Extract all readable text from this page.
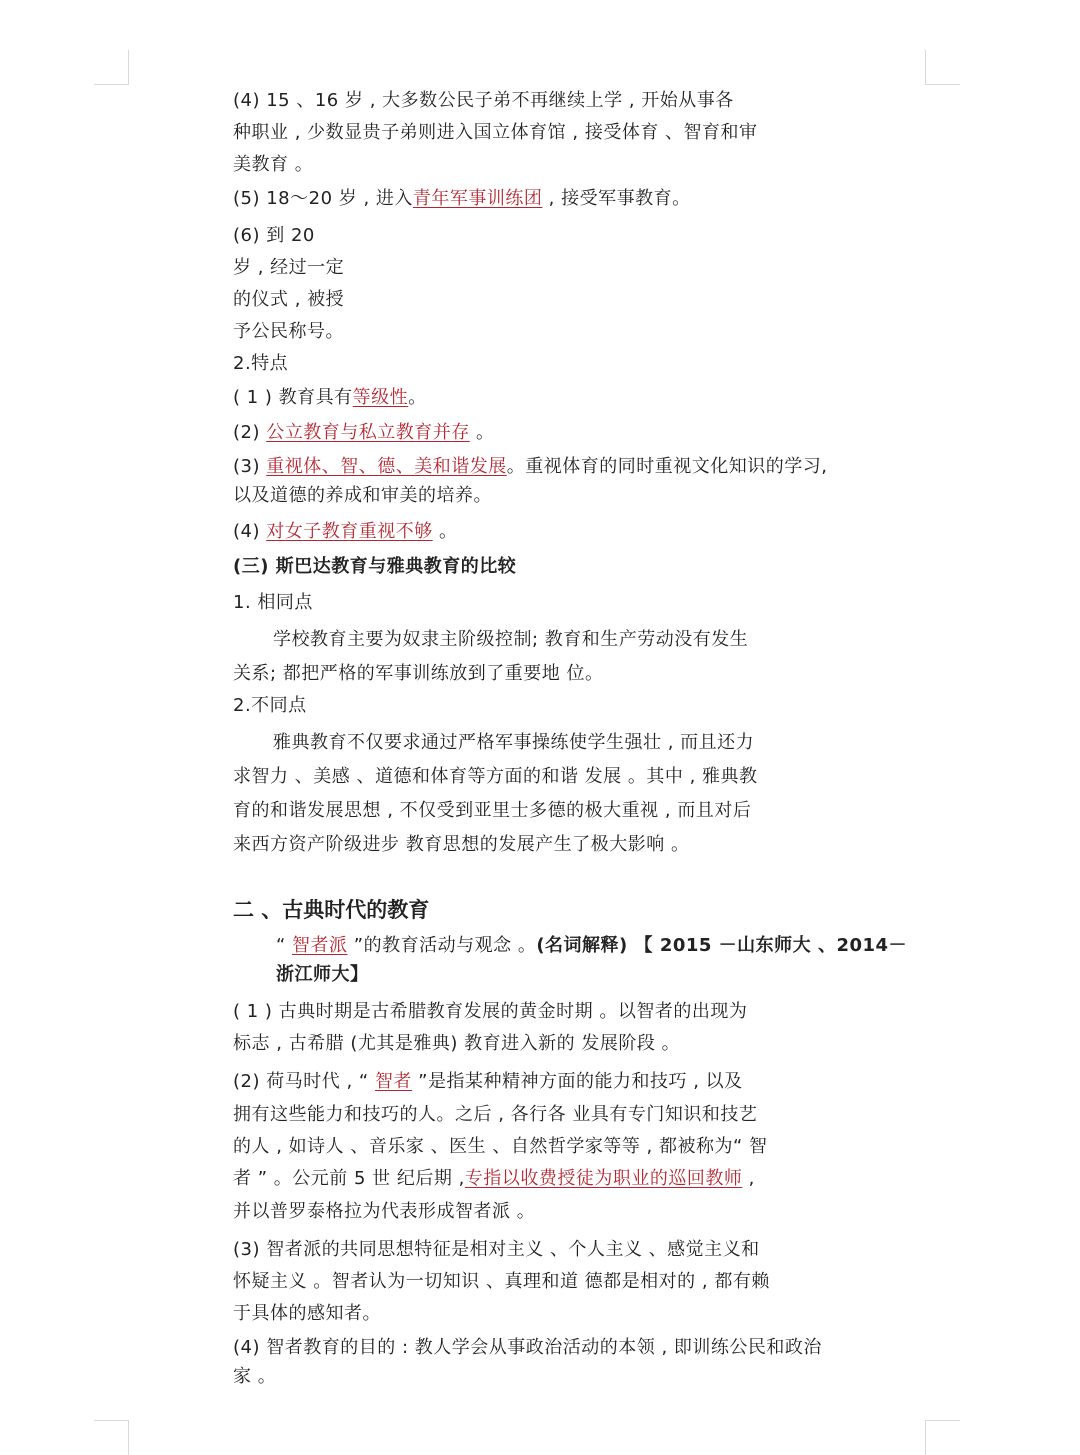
(4) 15 、16 岁 , 大多数公民子弟不再继续上学 , 开始从事各
种职业 , 少数显贵子弟则进入国立体育馆 , 接受体育 、智育和审
美教育 。
(5) 18～20 岁 , 进入青年军事训练团 , 接受军事教育。
(6) 到 20
岁 , 经过一定
的仪式 , 被授
予公民称号。
2.特点
( 1 ) 教育具有等级性。
(2) 公立教育与私立教育并存 。
(3) 重视体、智、德、美和谐发展。重视体育的同时重视文化知识的学习,
以及道德的养成和审美的培养。
(4) 对女子教育重视不够 。
(三) 斯巴达教育与雅典教育的比较
1. 相同点
学校教育主要为奴隶主阶级控制; 教育和生产劳动没有发生
关系; 都把严格的军事训练放到了重要地 位。
2.不同点
雅典教育不仅要求通过严格军事操练使学生强壮 , 而且还力
求智力 、美感 、道德和体育等方面的和谐 发展 。其中 , 雅典教
育的和谐发展思想 , 不仅受到亚里士多德的极大重视 , 而且对后
来西方资产阶级进步 教育思想的发展产生了极大影响 。
二 、古典时代的教育
“ 智者派 ”的教育活动与观念 。(名词解释) 【 2015 －山东师大 、2014－
浙江师大】
( 1 ) 古典时期是古希腊教育发展的黄金时期 。以智者的出现为
标志 , 古希腊 (尤其是雅典) 教育进入新的 发展阶段 。
(2) 荷马时代 , “ 智者 ”是指某种精神方面的能力和技巧 , 以及
拥有这些能力和技巧的人。之后 , 各行各 业具有专门知识和技艺
的人 , 如诗人 、音乐家 、医生 、自然哲学家等等 , 都被称为“ 智
者 ” 。公元前 5 世 纪后期 ,专指以收费授徒为职业的巡回教师 ,
并以普罗泰格拉为代表形成智者派 。
(3) 智者派的共同思想特征是相对主义 、个人主义 、感觉主义和
怀疑主义 。智者认为一切知识 、真理和道 德都是相对的 , 都有赖
于具体的感知者。
(4) 智者教育的目的 : 教人学会从事政治活动的本领 , 即训练公民和政治
家 。
